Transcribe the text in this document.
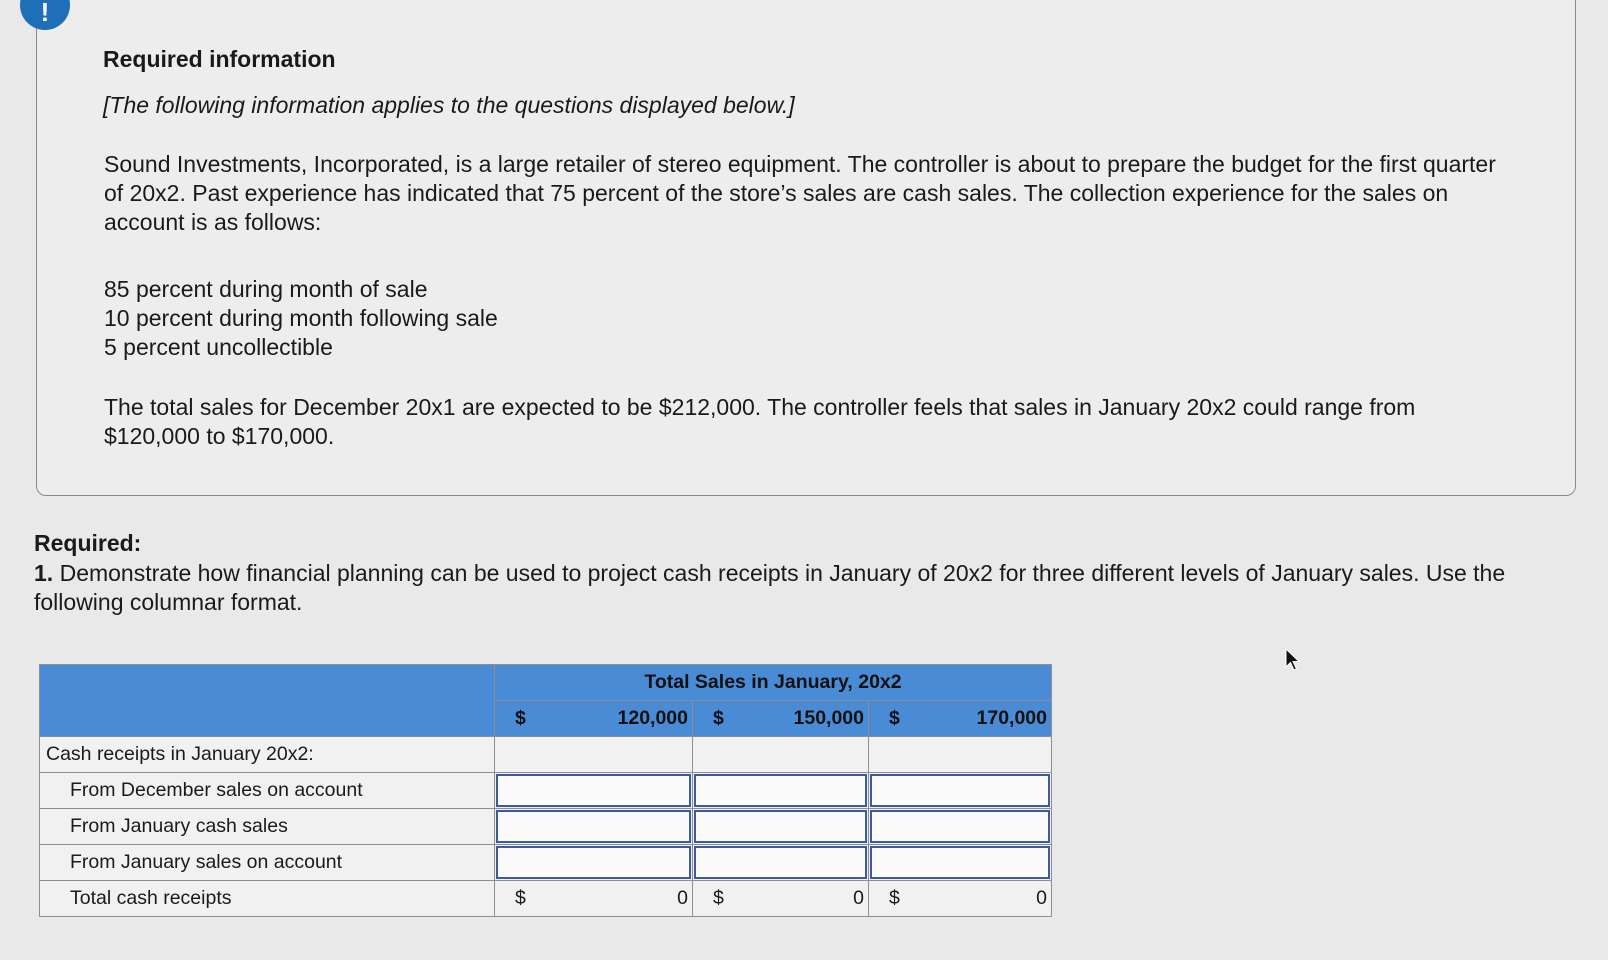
!
Required information
[The following information applies to the questions displayed below.]
Sound Investments, Incorporated, is a large retailer of stereo equipment. The controller is about to prepare the budget for the first quarter of 20x2. Past experience has indicated that 75 percent of the store’s sales are cash sales. The collection experience for the sales on account is as follows:
85 percent during month of sale
10 percent during month following sale
5 percent uncollectible
The total sales for December 20x1 are expected to be $212,000. The controller feels that sales in January 20x2 could range from $120,000 to $170,000.
Required:
1. Demonstrate how financial planning can be used to project cash receipts in January of 20x2 for three different levels of January sales. Use the following columnar format.
	Total Sales in January, 20x2		

	$ 120,000	$ 150,000	$ 170,000

Cash receipts in January 20x2:			
From December sales on account	

From January cash sales	

From January sales on account	

Total cash receipts	$ 0	$ 0	$ 0
